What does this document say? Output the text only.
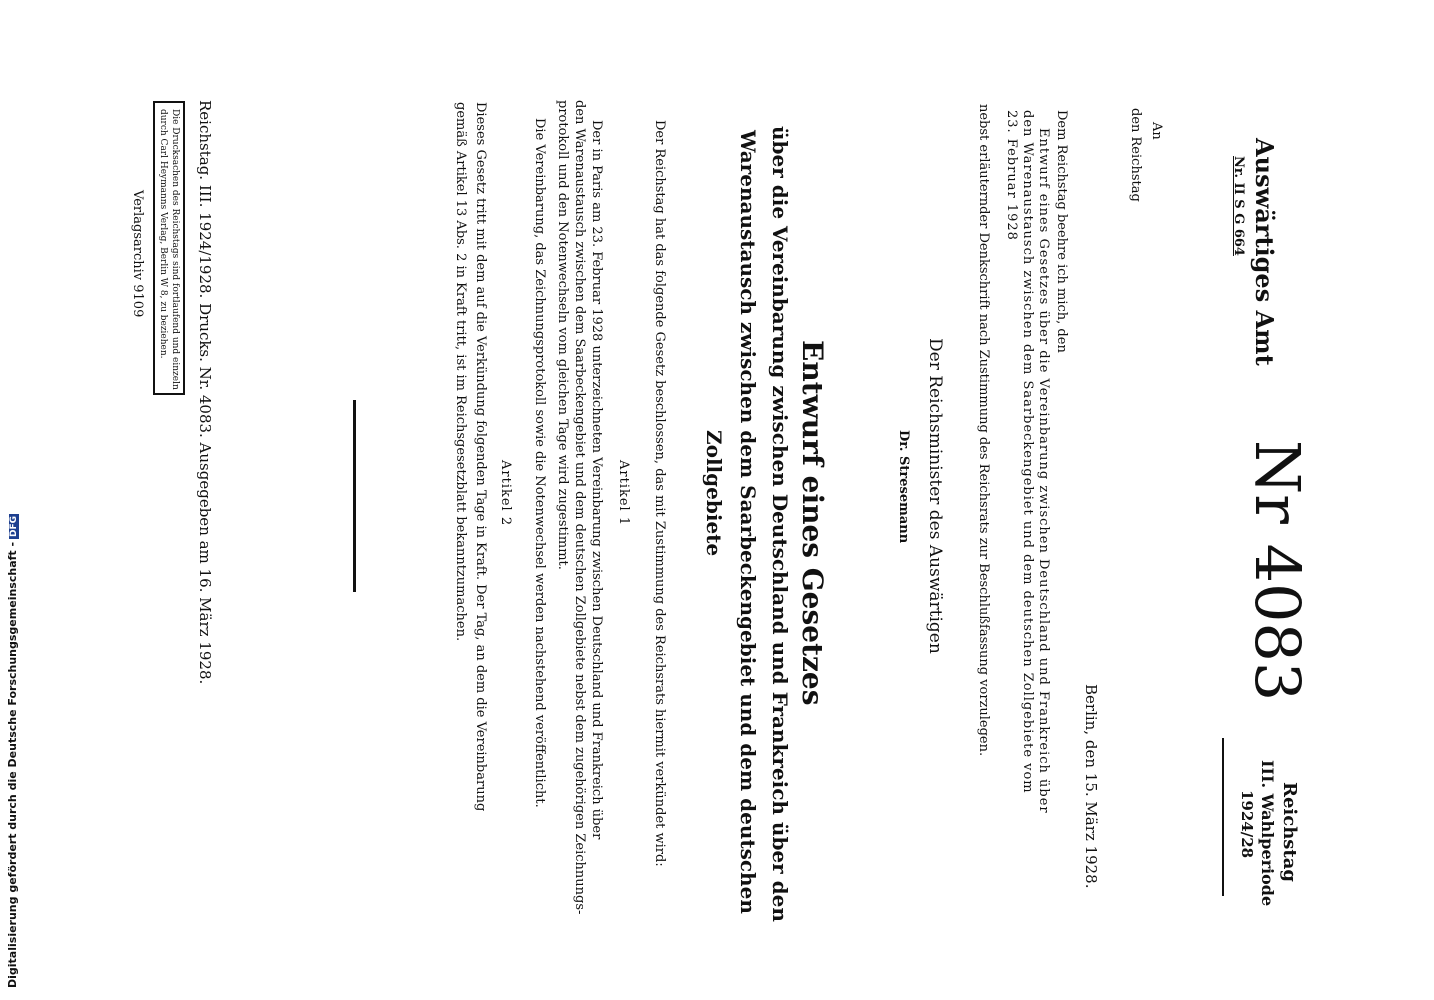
Auswärtiges Amt
Nr. II S G 664
Nr 4083
Reichstag
III. Wahlperiode
1924/28
An
den Reichstag
Berlin, den 15. März 1928.
Dem Reichstag beehre ich mich, den
Entwurf eines Gesetzes über die Vereinbarung zwischen Deutschland und Frankreich über
den Warenaustausch zwischen dem Saarbeckengebiet und dem deutschen Zollgebiete vom
23. Februar 1928
nebst erläuternder Denkschrift nach Zustimmung des Reichsrats zur Beschlußfassung vorzulegen.
Der Reichsminister des Auswärtigen
Dr. Stresemann
Entwurf eines Gesetzes
über die Vereinbarung zwischen Deutschland und Frankreich über den
Warenaustausch zwischen dem Saarbeckengebiet und dem deutschen
Zollgebiete
Der Reichstag hat das folgende Gesetz beschlossen, das mit Zustimmung des Reichsrats hiermit verkündet wird:
Artikel 1
Der in Paris am 23. Februar 1928 unterzeichneten Vereinbarung zwischen Deutschland und Frankreich über
den Warenaustausch zwischen dem Saarbeckengebiet und dem deutschen Zollgebiete nebst dem zugehörigen Zeichnungs-
protokoll und den Notenwechseln vom gleichen Tage wird zugestimmt.
Die Vereinbarung, das Zeichnungsprotokoll sowie die Notenwechsel werden nachstehend veröffentlicht.
Artikel 2
Dieses Gesetz tritt mit dem auf die Verkündung folgenden Tage in Kraft. Der Tag, an dem die Vereinbarung
gemäß Artikel 13 Abs. 2 in Kraft tritt, ist im Reichsgesetzblatt bekanntzumachen.
Reichstag. III. 1924/1928. Drucks. Nr. 4083. Ausgegeben am 16. März 1928.
Die Drucksachen des Reichstags sind fortlaufend und einzeln
durch Carl Heymanns Verlag, Berlin W 8, zu beziehen.
Verlagsarchiv 9109
Digitalisierung gefördert durch die Deutsche Forschungsgemeinschaft -DFG
